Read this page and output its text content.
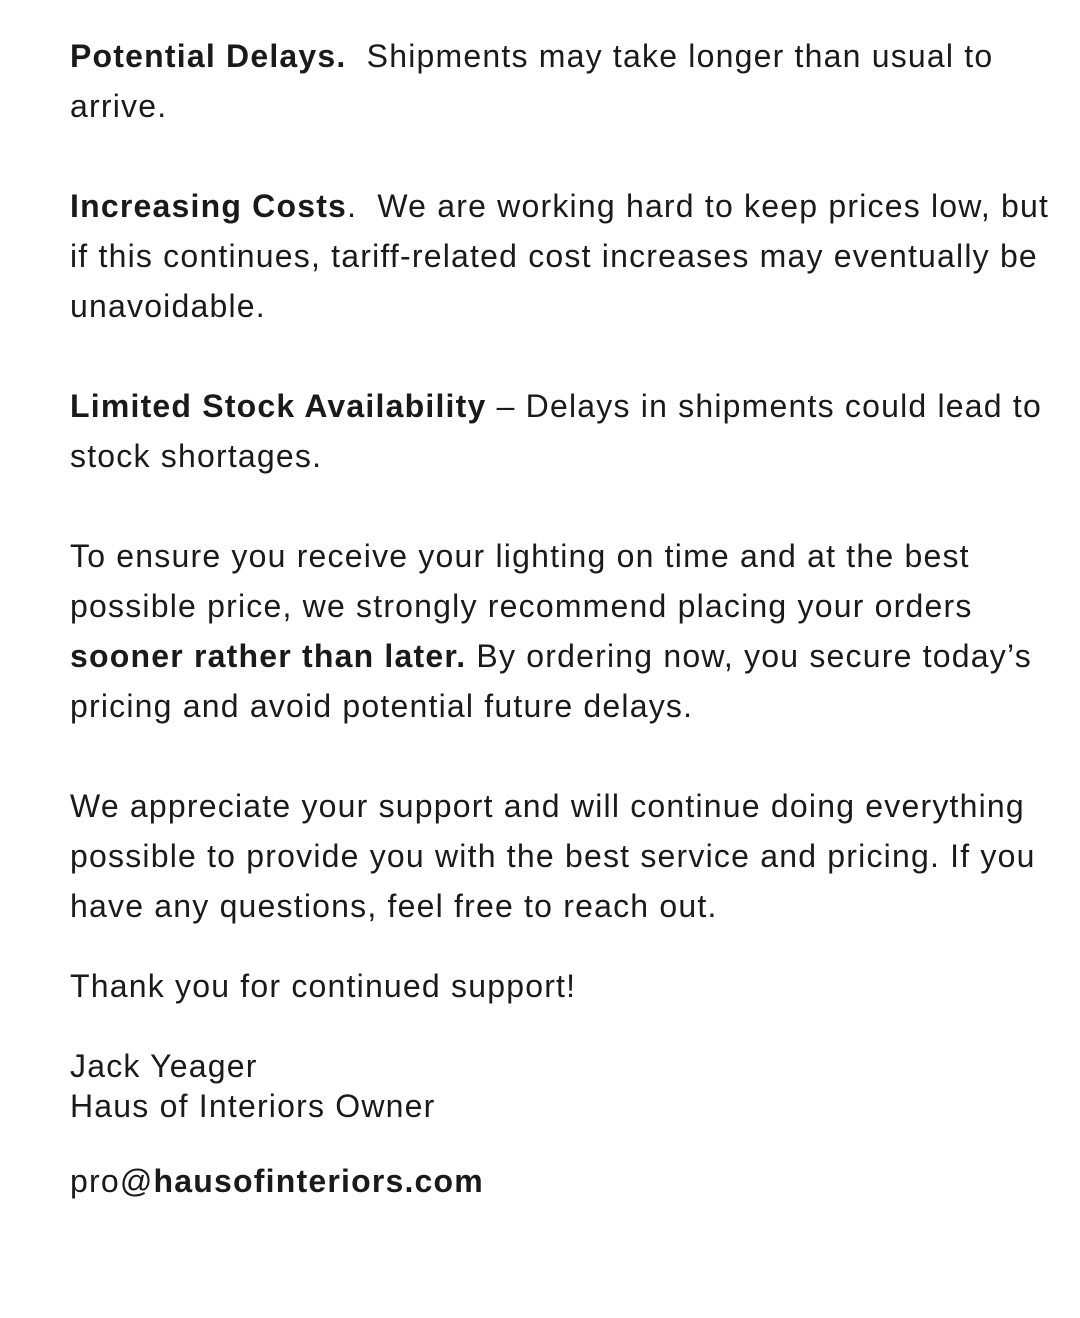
Potential Delays.  Shipments may take longer than usual to arrive.

Increasing Costs.  We are working hard to keep prices low, but if this continues, tariff-related cost increases may eventually be unavoidable.

Limited Stock Availability – Delays in shipments could lead to stock shortages.

To ensure you receive your lighting on time and at the best possible price, we strongly recommend placing your orders sooner rather than later. By ordering now, you secure today’s pricing and avoid potential future delays.

We appreciate your support and will continue doing everything possible to provide you with the best service and pricing. If you have any questions, feel free to reach out.

Thank you for continued support!

Jack Yeager
Haus of Interiors Owner

pro@hausofinteriors.com
